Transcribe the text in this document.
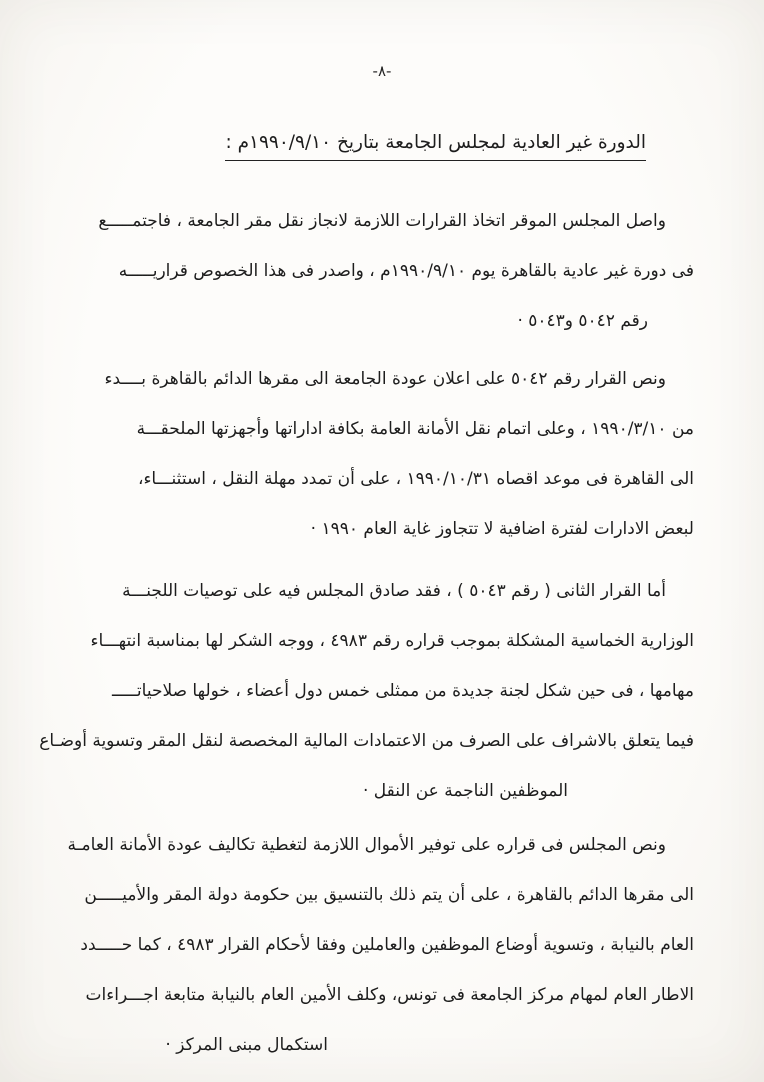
-٨-
الدورة غير العادية لمجلس الجامعة بتاريخ ١٩٩٠/٩/١٠م :
واصل المجلس الموقر اتخاذ القرارات اللازمة لانجاز نقل مقر الجامعة ، فاجتمـــــع
فى دورة غير عادية بالقاهرة يوم ١٩٩٠/٩/١٠م ، واصدر فى هذا الخصوص قراريـــــه
رقم ٥٠٤٢ و٥٠٤٣ ·
ونص القرار رقم ٥٠٤٢ على اعلان عودة الجامعة الى مقرها الدائم بالقاهرة بــــدء
من ١٩٩٠/٣/١٠ ، وعلى اتمام نقل الأمانة العامة بكافة اداراتها وأجهزتها الملحقـــة
الى القاهرة فى موعد اقصاه ١٩٩٠/١٠/٣١ ، على أن تمدد مهلة النقل ، استثنـــاء،
لبعض الادارات لفترة اضافية لا تتجاوز غاية العام ١٩٩٠ ·
أما القرار الثانى ( رقم ٥٠٤٣ ) ، فقد صادق المجلس فيه على توصيات اللجنـــة
الوزارية الخماسية المشكلة بموجب قراره رقم ٤٩٨٣ ، ووجه الشكر لها بمناسبة انتهـــاء
مهامها ، فى حين شكل لجنة جديدة من ممثلى خمس دول أعضاء ، خولها صلاحياتـــــ
فيما يتعلق بالاشراف على الصرف من الاعتمادات المالية المخصصة لنقل المقر وتسوية أوضـاع
الموظفين الناجمة عن النقل ·
ونص المجلس فى قراره على توفير الأموال اللازمة لتغطية تكاليف عودة الأمانة العامـة
الى مقرها الدائم بالقاهرة ، على أن يتم ذلك بالتنسيق بين حكومة دولة المقر والأميـــــن
العام بالنيابة ، وتسوية أوضاع الموظفين والعاملين وفقا لأحكام القرار ٤٩٨٣ ، كما حـــــدد
الاطار العام لمهام مركز الجامعة فى تونس، وكلف الأمين العام بالنيابة متابعة اجـــراءات
استكمال مبنى المركز ·
